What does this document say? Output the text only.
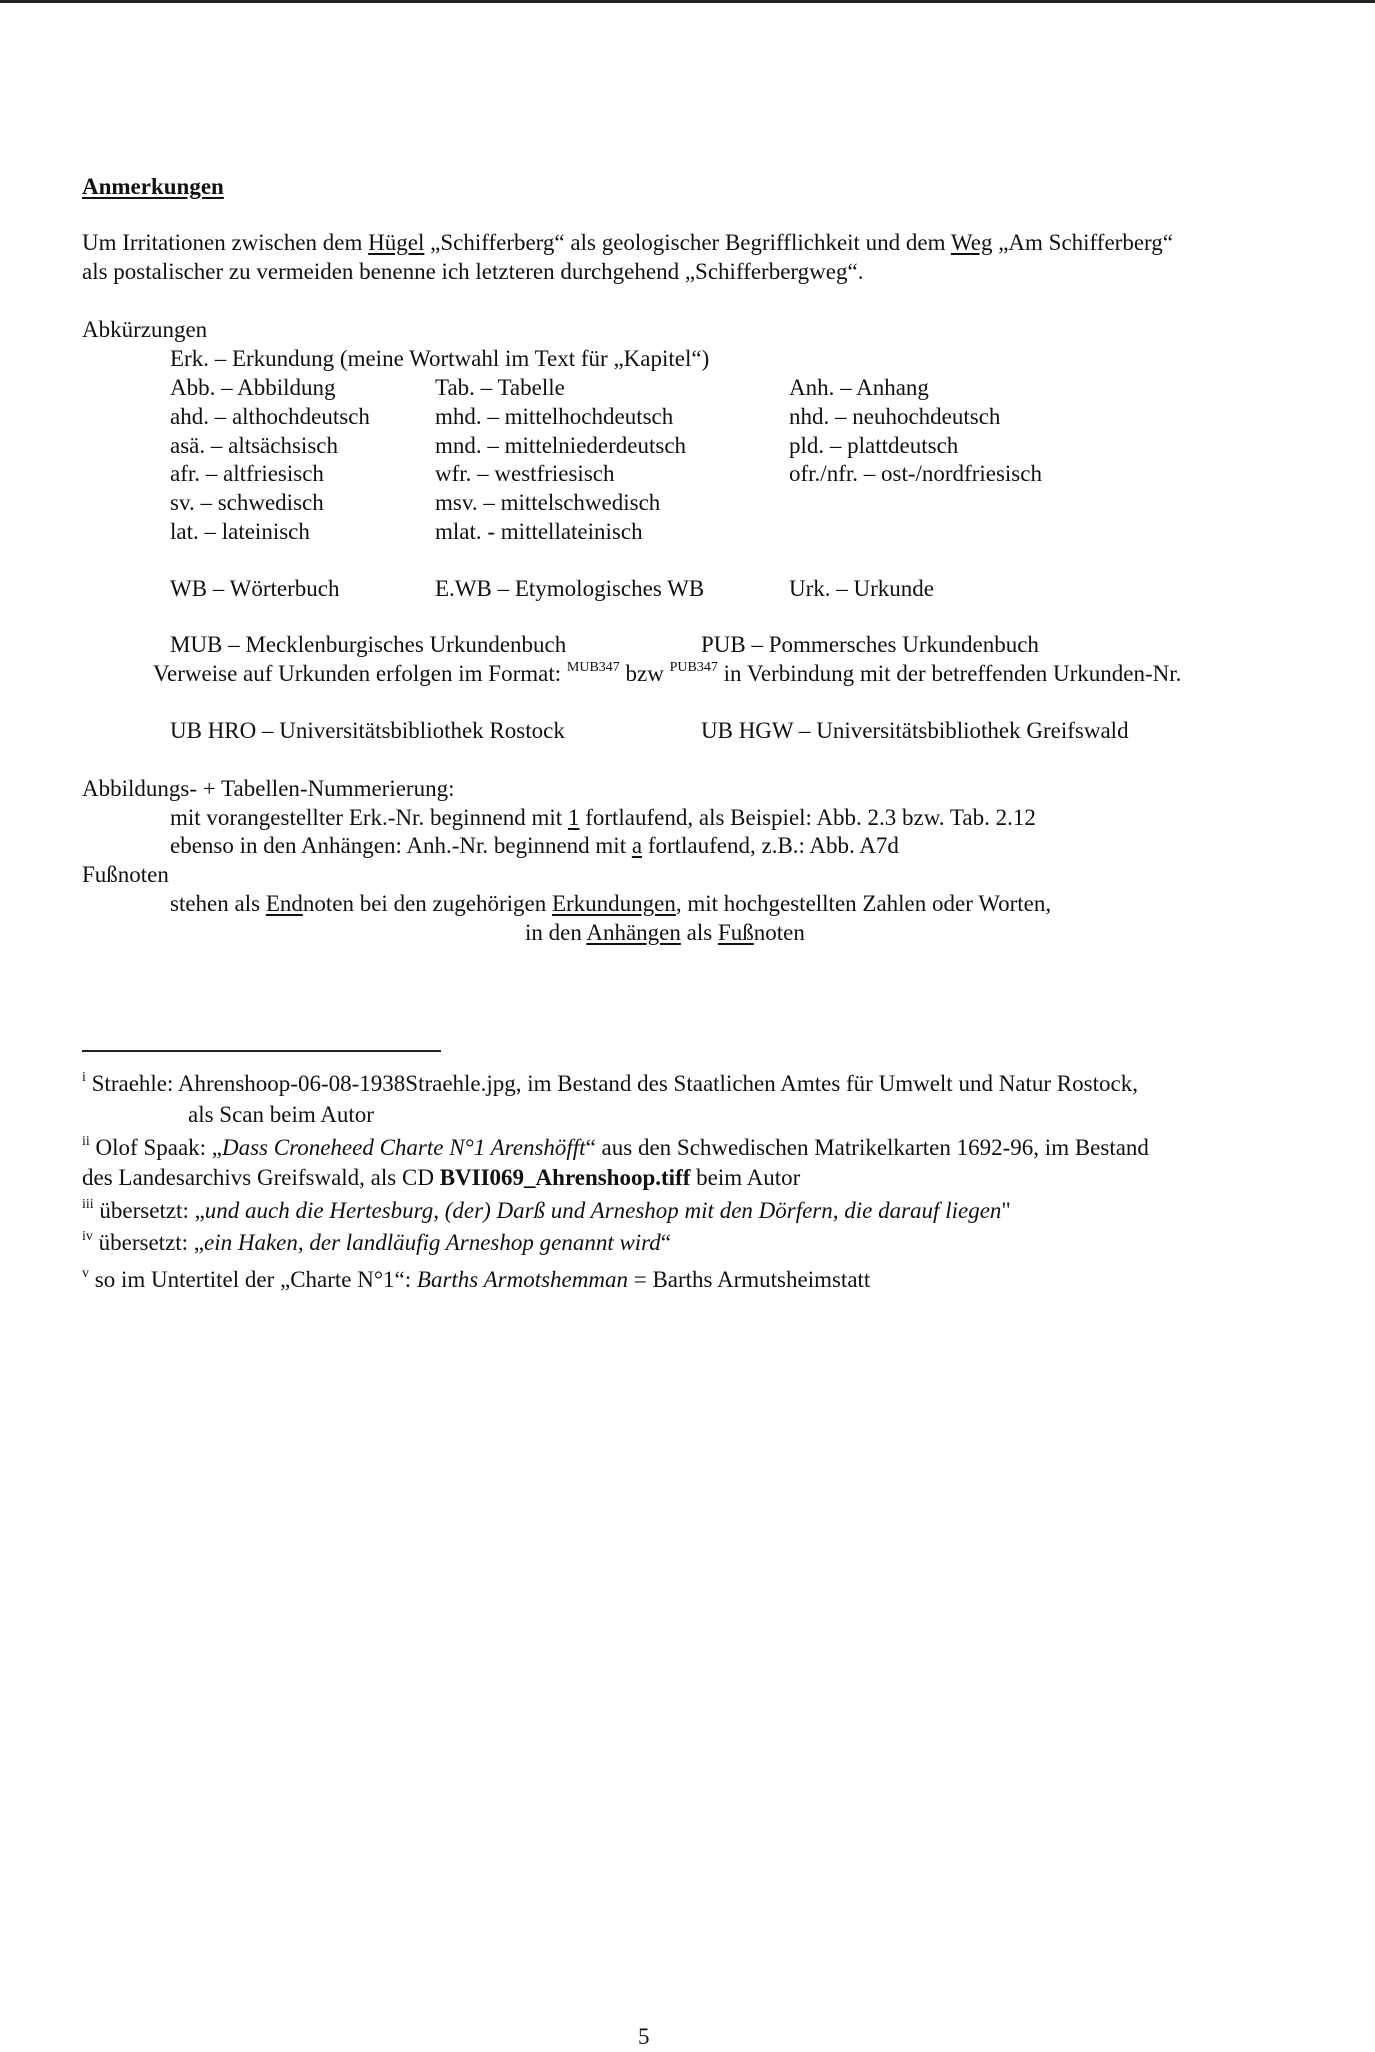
Anmerkungen
Um Irritationen zwischen dem Hügel „Schifferberg“ als geologischer Begrifflichkeit und dem Weg „Am Schifferberg“
als postalischer zu vermeiden benenne ich letzteren durchgehend „Schifferbergweg“.
Abkürzungen
Erk. – Erkundung (meine Wortwahl im Text für „Kapitel“)
Abb. – Abbildung	Tab. – Tabelle	Anh. – Anhang
ahd. – althochdeutsch	mhd. – mittelhochdeutsch	nhd. – neuhochdeutsch
asä. – altsächsisch	mnd. – mittelniederdeutsch	pld. – plattdeutsch
afr. – altfriesisch	wfr. – westfriesisch	ofr./nfr. – ost-/nordfriesisch
sv. – schwedisch	msv. – mittelschwedisch
lat. – lateinisch	mlat. - mittellateinisch
WB – Wörterbuch	E.WB – Etymologisches WB	Urk. – Urkunde
MUB – Mecklenburgisches Urkundenbuch	PUB – Pommersches Urkundenbuch
Verweise auf Urkunden erfolgen im Format: $^{MUB347}$ bzw $^{PUB347}$ in Verbindung mit der betreffenden Urkunden-Nr.
UB HRO – Universitätsbibliothek Rostock	UB HGW – Universitätsbibliothek Greifswald
Abbildungs- + Tabellen-Nummerierung:
mit vorangestellter Erk.-Nr. beginnend mit 1 fortlaufend, als Beispiel: Abb. 2.3 bzw. Tab. 2.12
ebenso in den Anhängen: Anh.-Nr. beginnend mit a fortlaufend, z.B.: Abb. A7d
Fußnoten
stehen als Endnoten bei den zugehörigen Erkundungen, mit hochgestellten Zahlen oder Worten,
in den Anhängen als Fußnoten
$^i$ Straehle: Ahrenshoop-06-08-1938Straehle.jpg, im Bestand des Staatlichen Amtes für Umwelt und Natur Rostock,
als Scan beim Autor
$^{ii}$ Olof Spaak: „Dass Croneheed Charte N°1 Arenshöfft“ aus den Schwedischen Matrikelkarten 1692-96, im Bestand
des Landesarchivs Greifswald, als CD BVII069_Ahrenshoop.tiff beim Autor
$^{iii}$ übersetzt: „und auch die Hertesburg, (der) Darß und Arneshop mit den Dörfern, die darauf liegen"
$^{iv}$ übersetzt: „ein Haken, der landläufig Arneshop genannt wird“
$^v$ so im Untertitel der „Charte N°1“: Barths Armotshemman = Barths Armutsheimstatt
5
